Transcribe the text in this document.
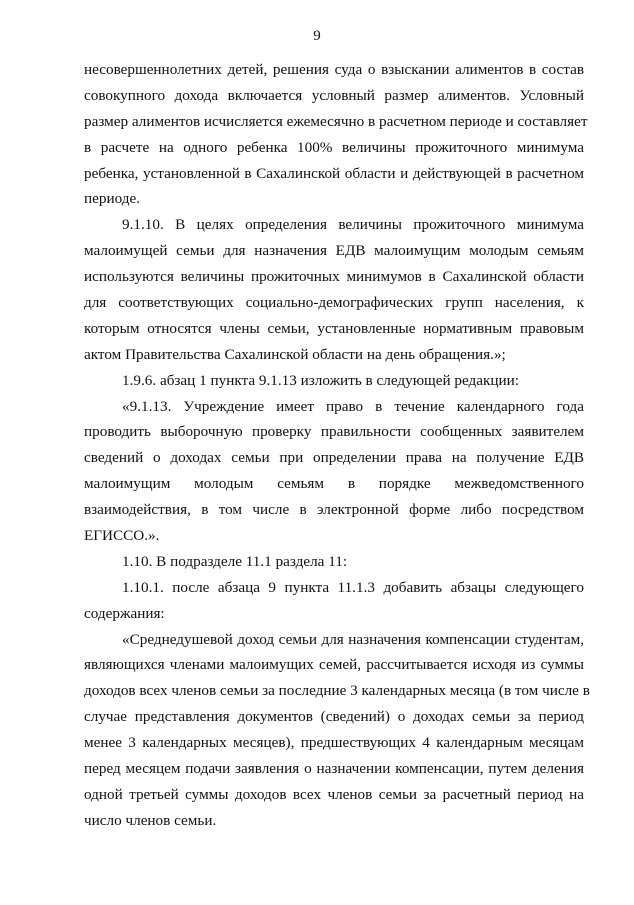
9
несовершеннолетних детей, решения суда о взыскании алиментов в состав
совокупного дохода включается условный размер алиментов. Условный
размер алиментов исчисляется ежемесячно в расчетном периоде и составляет
в расчете на одного ребенка 100% величины прожиточного минимума
ребенка, установленной в Сахалинской области и действующей в расчетном
периоде.
9.1.10. В целях определения величины прожиточного минимума
малоимущей семьи для назначения ЕДВ малоимущим молодым семьям
используются величины прожиточных минимумов в Сахалинской области
для соответствующих социально-демографических групп населения, к
которым относятся члены семьи, установленные нормативным правовым
актом Правительства Сахалинской области на день обращения.»;
1.9.6. абзац 1 пункта 9.1.13 изложить в следующей редакции:
«9.1.13. Учреждение имеет право в течение календарного года
проводить выборочную проверку правильности сообщенных заявителем
сведений о доходах семьи при определении права на получение ЕДВ
малоимущим молодым семьям в порядке межведомственного
взаимодействия, в том числе в электронной форме либо посредством
ЕГИССО.».
1.10. В подразделе 11.1 раздела 11:
1.10.1. после абзаца 9 пункта 11.1.3 добавить абзацы следующего
содержания:
«Среднедушевой доход семьи для назначения компенсации студентам,
являющихся членами малоимущих семей, рассчитывается исходя из суммы
доходов всех членов семьи за последние 3 календарных месяца (в том числе в
случае представления документов (сведений) о доходах семьи за период
менее 3 календарных месяцев), предшествующих 4 календарным месяцам
перед месяцем подачи заявления о назначении компенсации, путем деления
одной третьей суммы доходов всех членов семьи за расчетный период на
число членов семьи.
